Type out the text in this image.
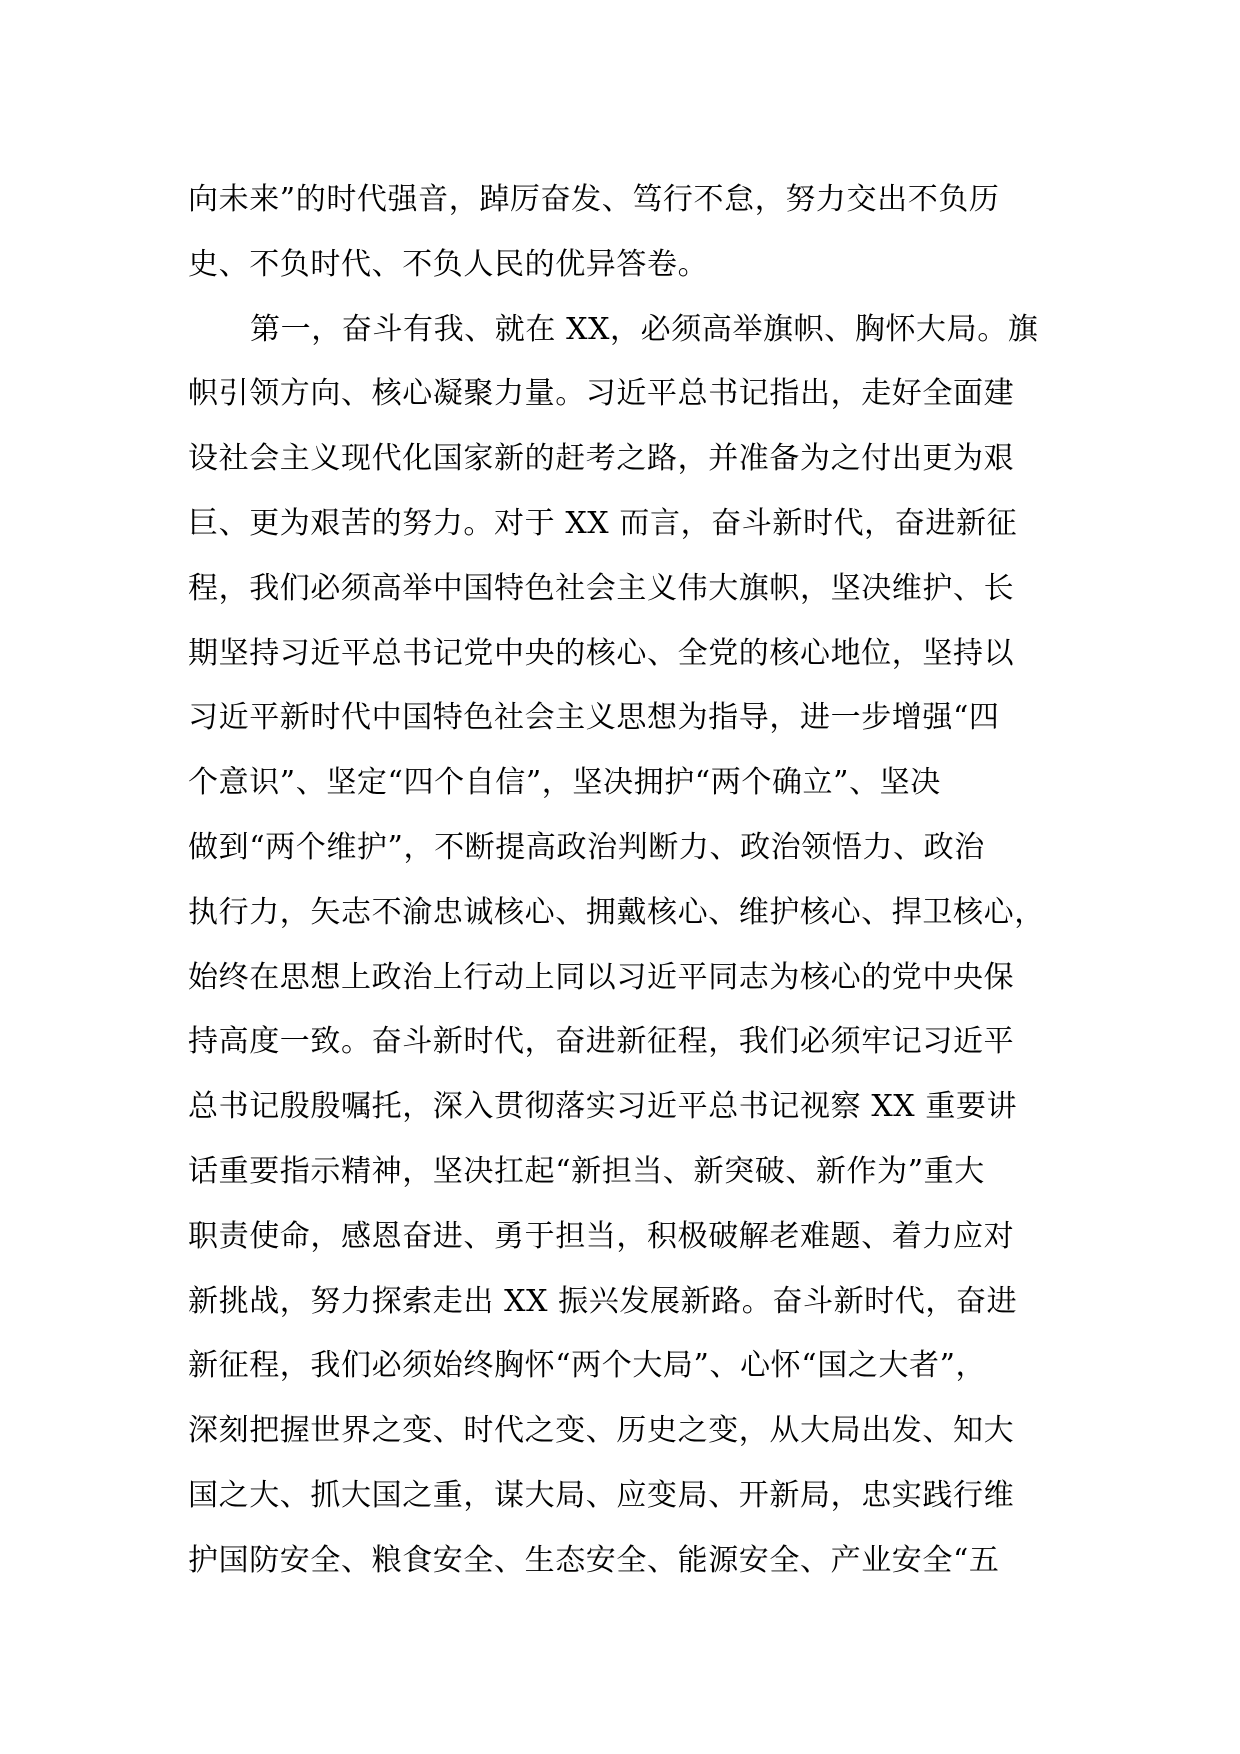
向未来”的时代强音，踔厉奋发、笃行不怠，努力交出不负历
史、不负时代、不负人民的优异答卷。
第一，奋斗有我、就在 XX，必须高举旗帜、胸怀大局。旗
帜引领方向、核心凝聚力量。习近平总书记指出，走好全面建
设社会主义现代化国家新的赶考之路，并准备为之付出更为艰
巨、更为艰苦的努力。对于 XX 而言，奋斗新时代，奋进新征
程，我们必须高举中国特色社会主义伟大旗帜，坚决维护、长
期坚持习近平总书记党中央的核心、全党的核心地位，坚持以
习近平新时代中国特色社会主义思想为指导，进一步增强“四
个意识”、坚定“四个自信”，坚决拥护“两个确立”、坚决
做到“两个维护”，不断提高政治判断力、政治领悟力、政治
执行力，矢志不渝忠诚核心、拥戴核心、维护核心、捍卫核心，
始终在思想上政治上行动上同以习近平同志为核心的党中央保
持高度一致。奋斗新时代，奋进新征程，我们必须牢记习近平
总书记殷殷嘱托，深入贯彻落实习近平总书记视察 XX 重要讲
话重要指示精神，坚决扛起“新担当、新突破、新作为”重大
职责使命，感恩奋进、勇于担当，积极破解老难题、着力应对
新挑战，努力探索走出 XX 振兴发展新路。奋斗新时代，奋进
新征程，我们必须始终胸怀“两个大局”、心怀“国之大者”，
深刻把握世界之变、时代之变、历史之变，从大局出发、知大
国之大、抓大国之重，谋大局、应变局、开新局，忠实践行维
护国防安全、粮食安全、生态安全、能源安全、产业安全“五
